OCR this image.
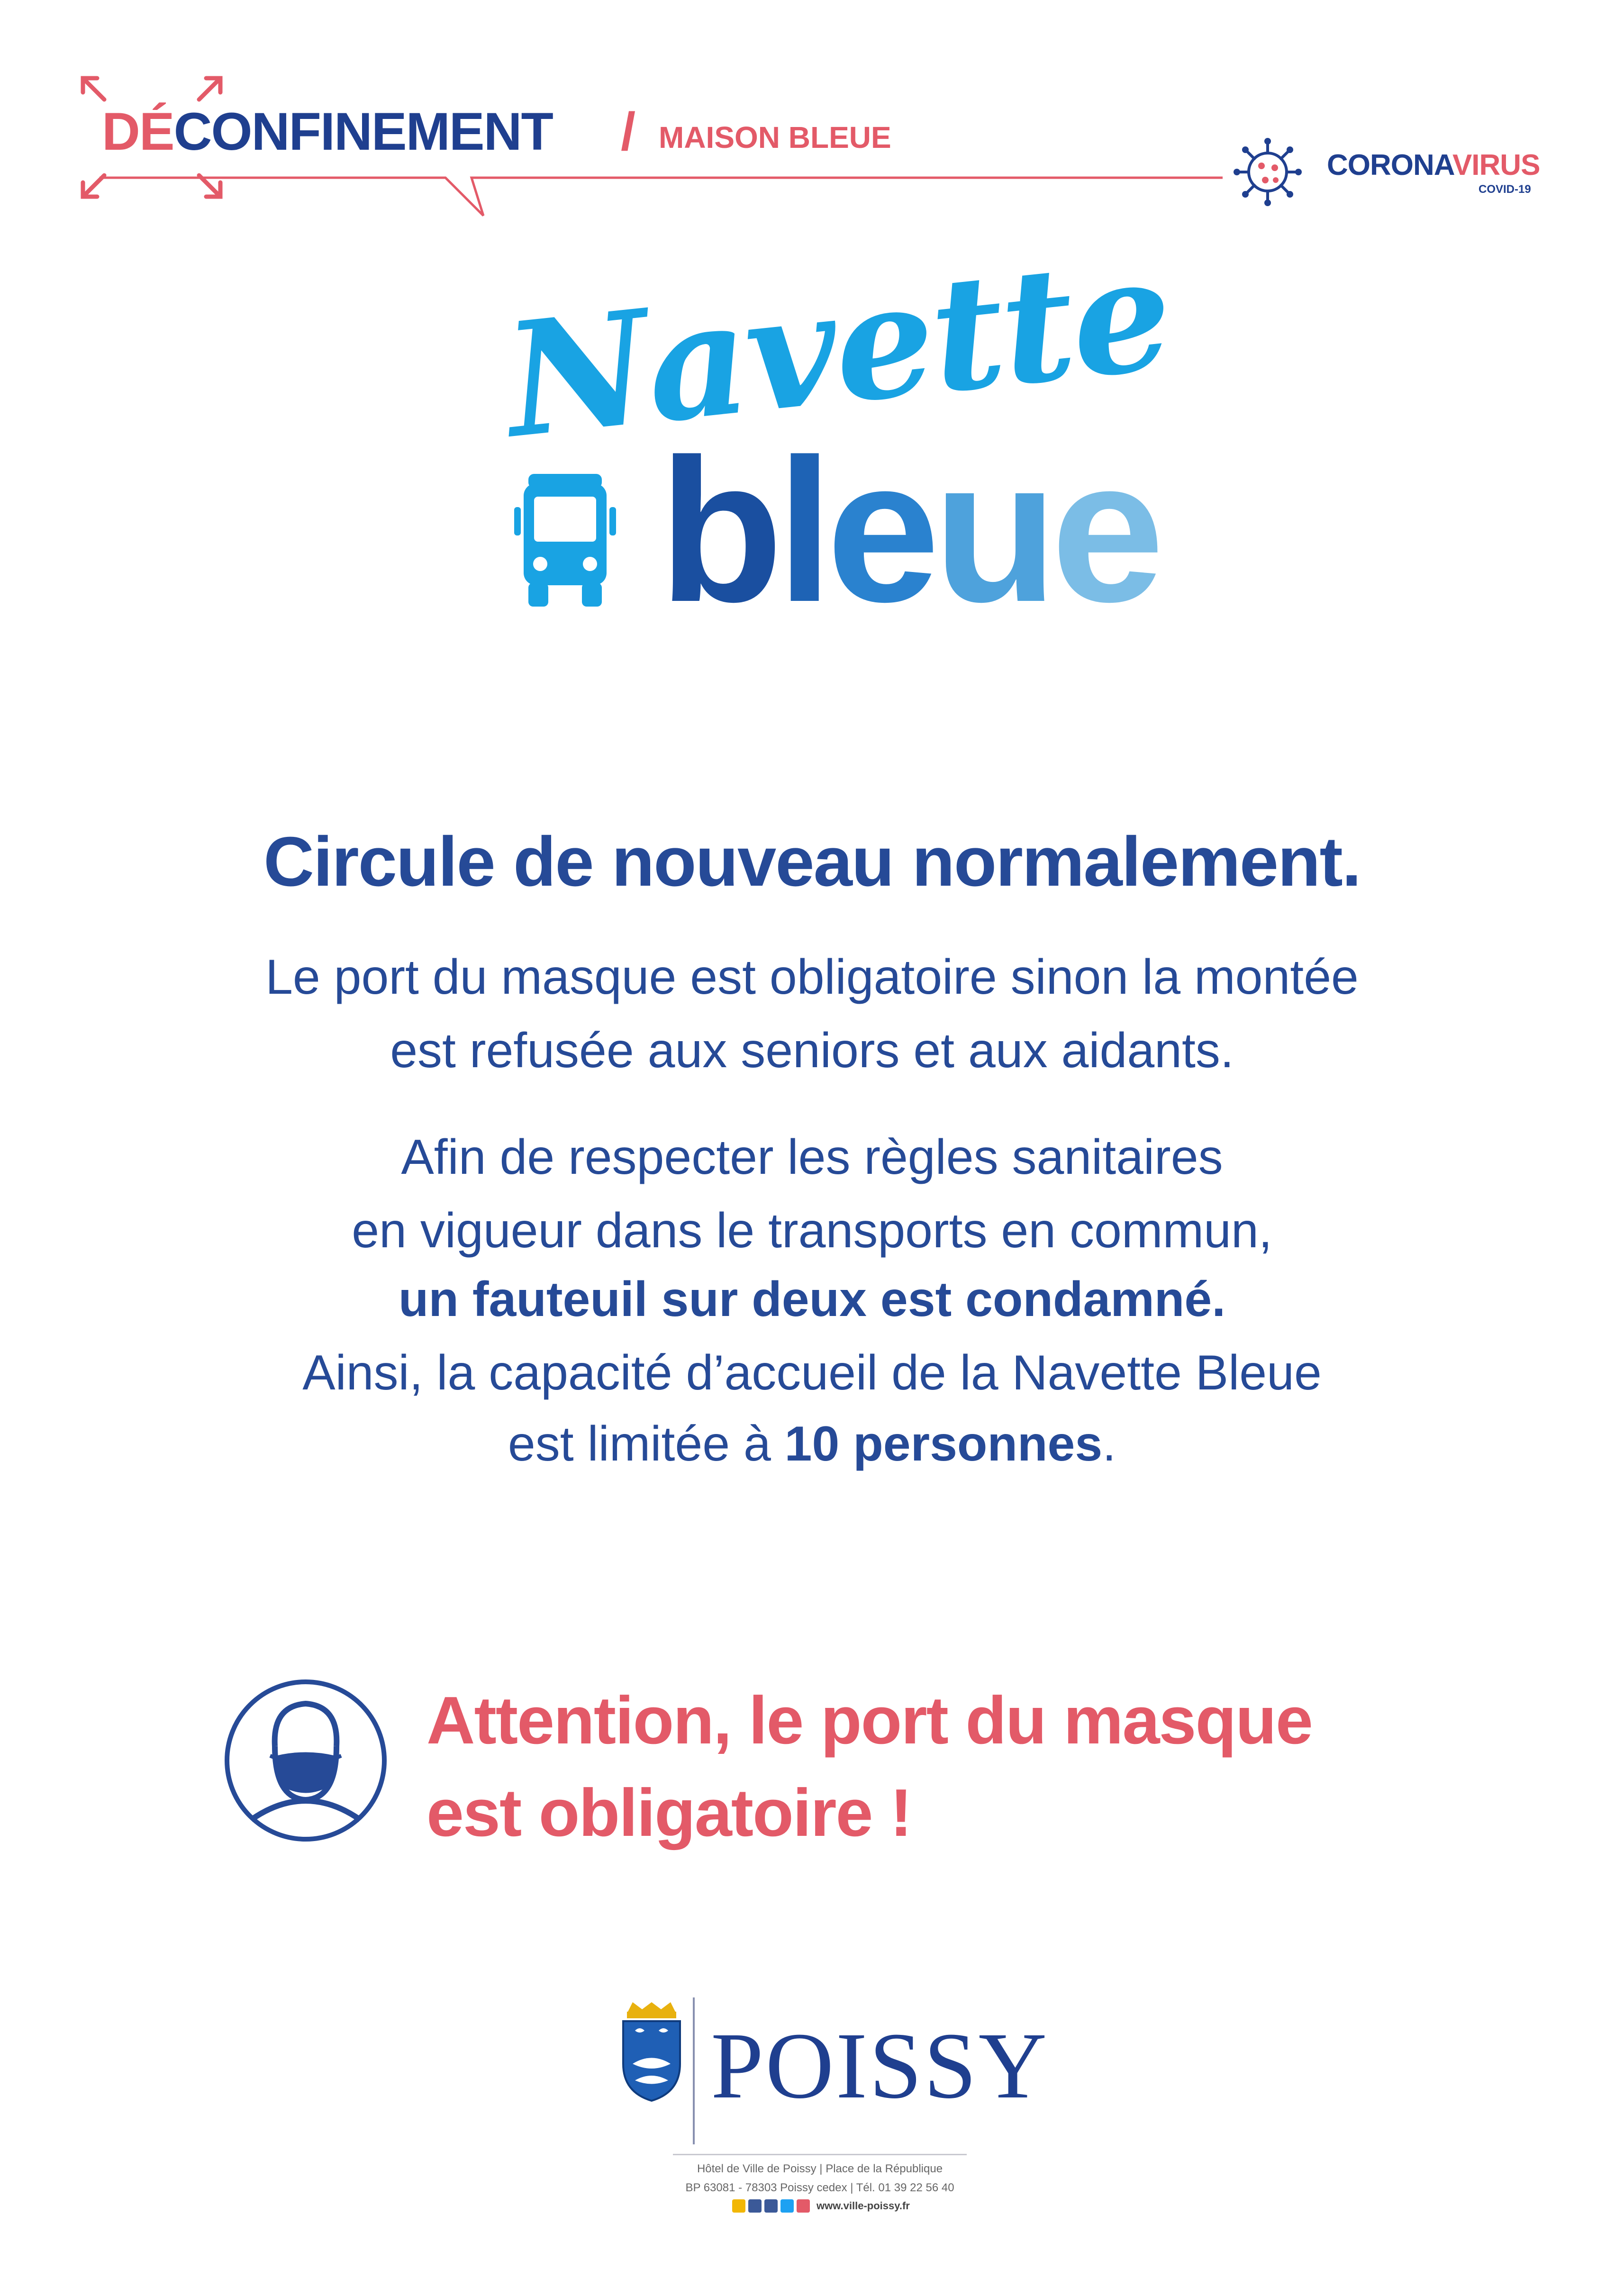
DÉCONFINEMENT / MAISON BLEUE
CORONAVIRUS
COVID-19
Navette
bleue
Circule de nouveau normalement.
Le port du masque est obligatoire sinon la montée
est refusée aux seniors et aux aidants.
Afin de respecter les règles sanitaires
en vigueur dans le transports en commun,
un fauteuil sur deux est condamné.
Ainsi, la capacité d’accueil de la Navette Bleue
est limitée à 10 personnes.
Attention, le port du masque
est obligatoire !
POISSY
Hôtel de Ville de Poissy | Place de la République
BP 63081 - 78303 Poissy cedex | Tél. 01 39 22 56 40
www.ville-poissy.fr
